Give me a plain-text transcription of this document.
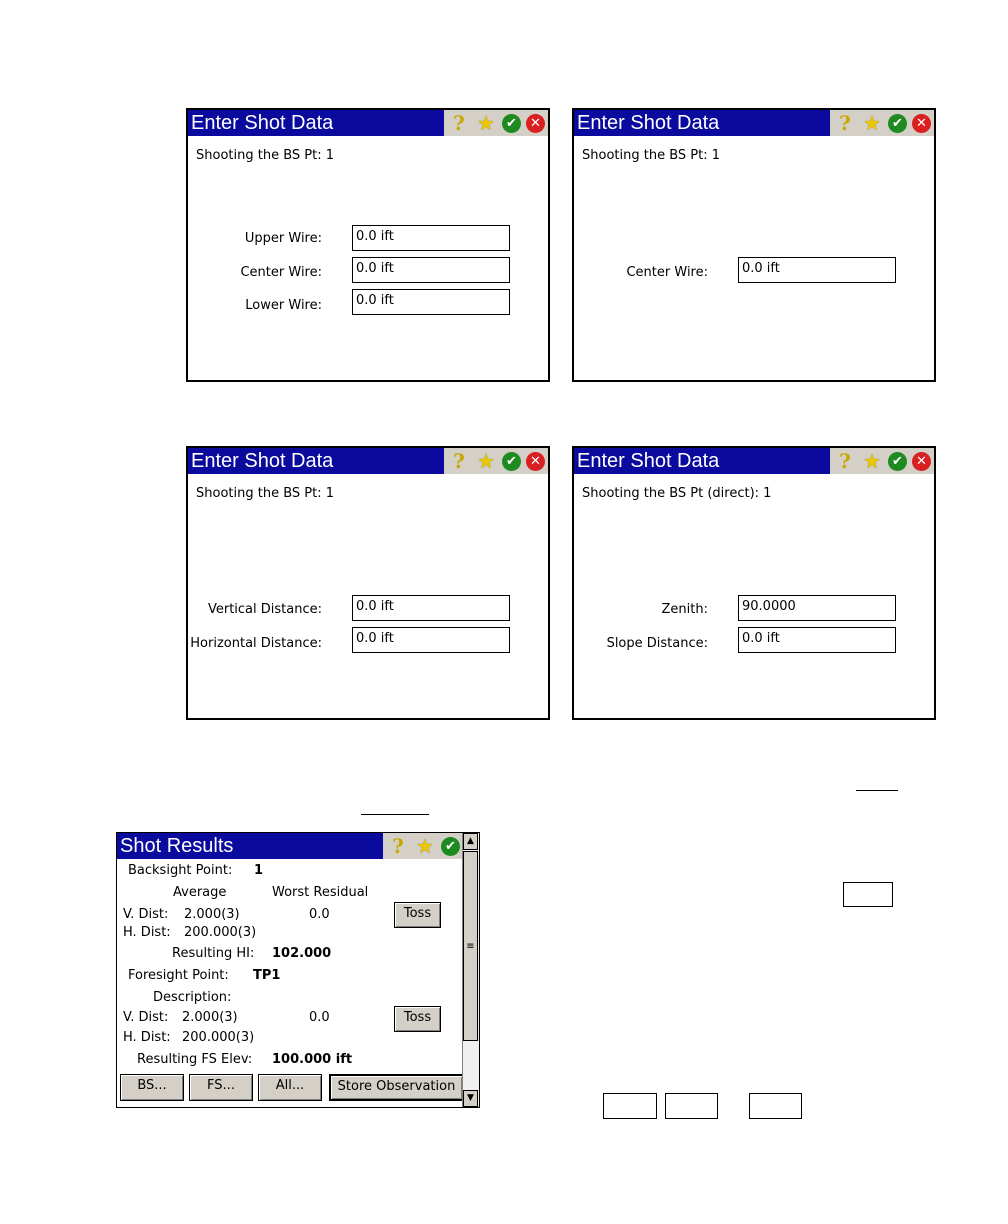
Enter Shot Data	? ★ ✔	✕
Shooting the BS Pt: 1
Upper Wire:	0.0 ift
Center Wire:	0.0 ift
Lower Wire:	0.0 ift
Enter Shot Data	? ★ ✔	✕
Shooting the BS Pt: 1
Center Wire:	0.0 ift
Enter Shot Data	? ★ ✔	✕
Shooting the BS Pt: 1
Vertical Distance:	0.0 ift
Horizontal Distance:	0.0 ift
Enter Shot Data	? ★ ✔	✕
Shooting the BS Pt (direct): 1
Zenith:	90.0000
Slope Distance:	0.0 ift
Shot Results	? ★ ✔
Backsight Point: 1
Average	Worst Residual
V. Dist: 2.000(3)	0.0	Toss
H. Dist: 200.000(3)
Resulting HI: 102.000
Foresight Point: TP1
Description:
V. Dist: 2.000(3)	0.0	Toss
H. Dist: 200.000(3)
Resulting FS Elev: 100.000 ift
BS...	FS...	All...	Store Observation
▲
≡
▼
